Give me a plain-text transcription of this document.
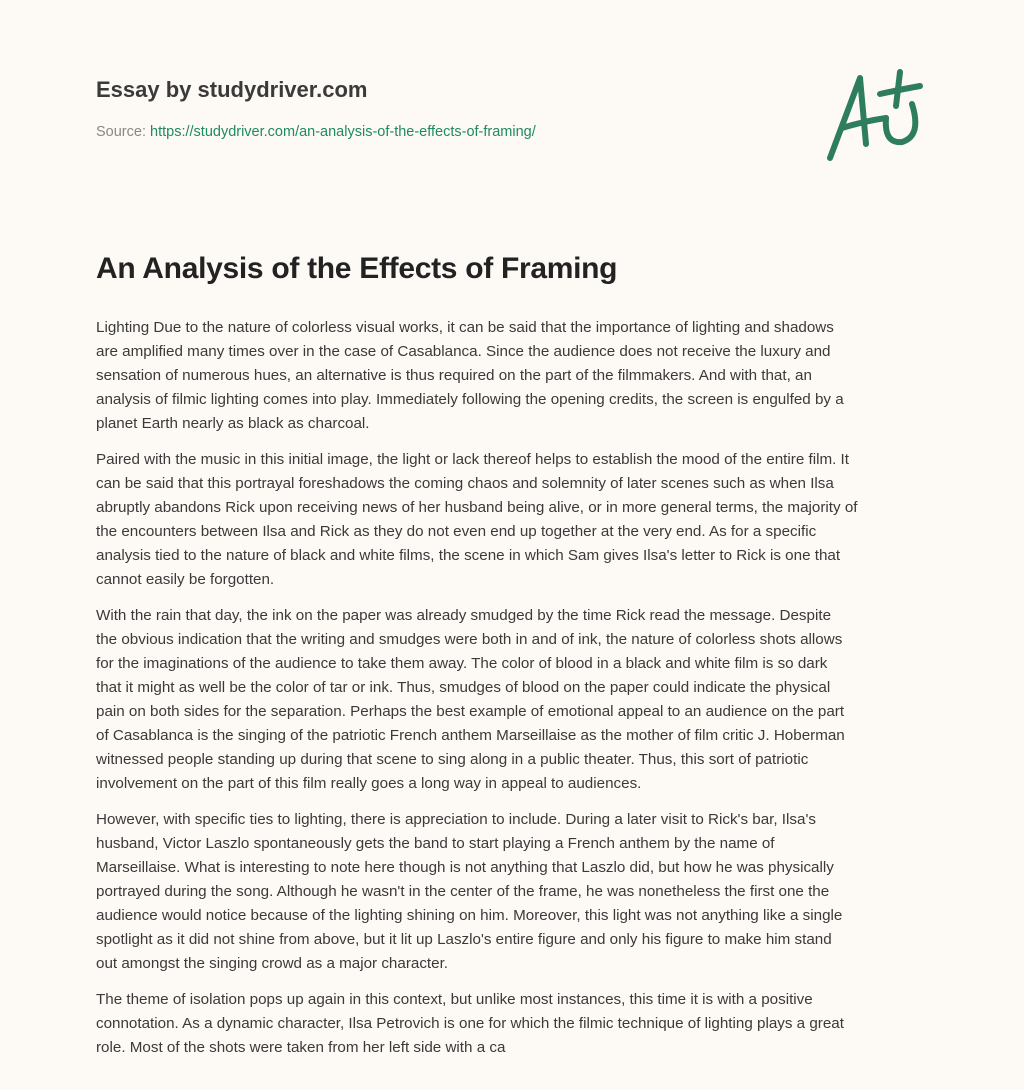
Essay by studydriver.com
Source: https://studydriver.com/an-analysis-of-the-effects-of-framing/
An Analysis of the Effects of Framing

Lighting Due to the nature of colorless visual works, it can be said that the importance of lighting and shadows
are amplified many times over in the case of Casablanca. Since the audience does not receive the luxury and
sensation of numerous hues, an alternative is thus required on the part of the filmmakers. And with that, an
analysis of filmic lighting comes into play. Immediately following the opening credits, the screen is engulfed by a
planet Earth nearly as black as charcoal.

Paired with the music in this initial image, the light or lack thereof helps to establish the mood of the entire film. It
can be said that this portrayal foreshadows the coming chaos and solemnity of later scenes such as when Ilsa
abruptly abandons Rick upon receiving news of her husband being alive, or in more general terms, the majority of
the encounters between Ilsa and Rick as they do not even end up together at the very end. As for a specific
analysis tied to the nature of black and white films, the scene in which Sam gives Ilsa's letter to Rick is one that
cannot easily be forgotten.

With the rain that day, the ink on the paper was already smudged by the time Rick read the message. Despite
the obvious indication that the writing and smudges were both in and of ink, the nature of colorless shots allows
for the imaginations of the audience to take them away. The color of blood in a black and white film is so dark
that it might as well be the color of tar or ink. Thus, smudges of blood on the paper could indicate the physical
pain on both sides for the separation. Perhaps the best example of emotional appeal to an audience on the part
of Casablanca is the singing of the patriotic French anthem Marseillaise as the mother of film critic J. Hoberman
witnessed people standing up during that scene to sing along in a public theater. Thus, this sort of patriotic
involvement on the part of this film really goes a long way in appeal to audiences.

However, with specific ties to lighting, there is appreciation to include. During a later visit to Rick's bar, Ilsa's
husband, Victor Laszlo spontaneously gets the band to start playing a French anthem by the name of
Marseillaise. What is interesting to note here though is not anything that Laszlo did, but how he was physically
portrayed during the song. Although he wasn't in the center of the frame, he was nonetheless the first one the
audience would notice because of the lighting shining on him. Moreover, this light was not anything like a single
spotlight as it did not shine from above, but it lit up Laszlo's entire figure and only his figure to make him stand
out amongst the singing crowd as a major character.

The theme of isolation pops up again in this context, but unlike most instances, this time it is with a positive
connotation. As a dynamic character, Ilsa Petrovich is one for which the filmic technique of lighting plays a great
role. Most of the shots were taken from her left side with a ca
